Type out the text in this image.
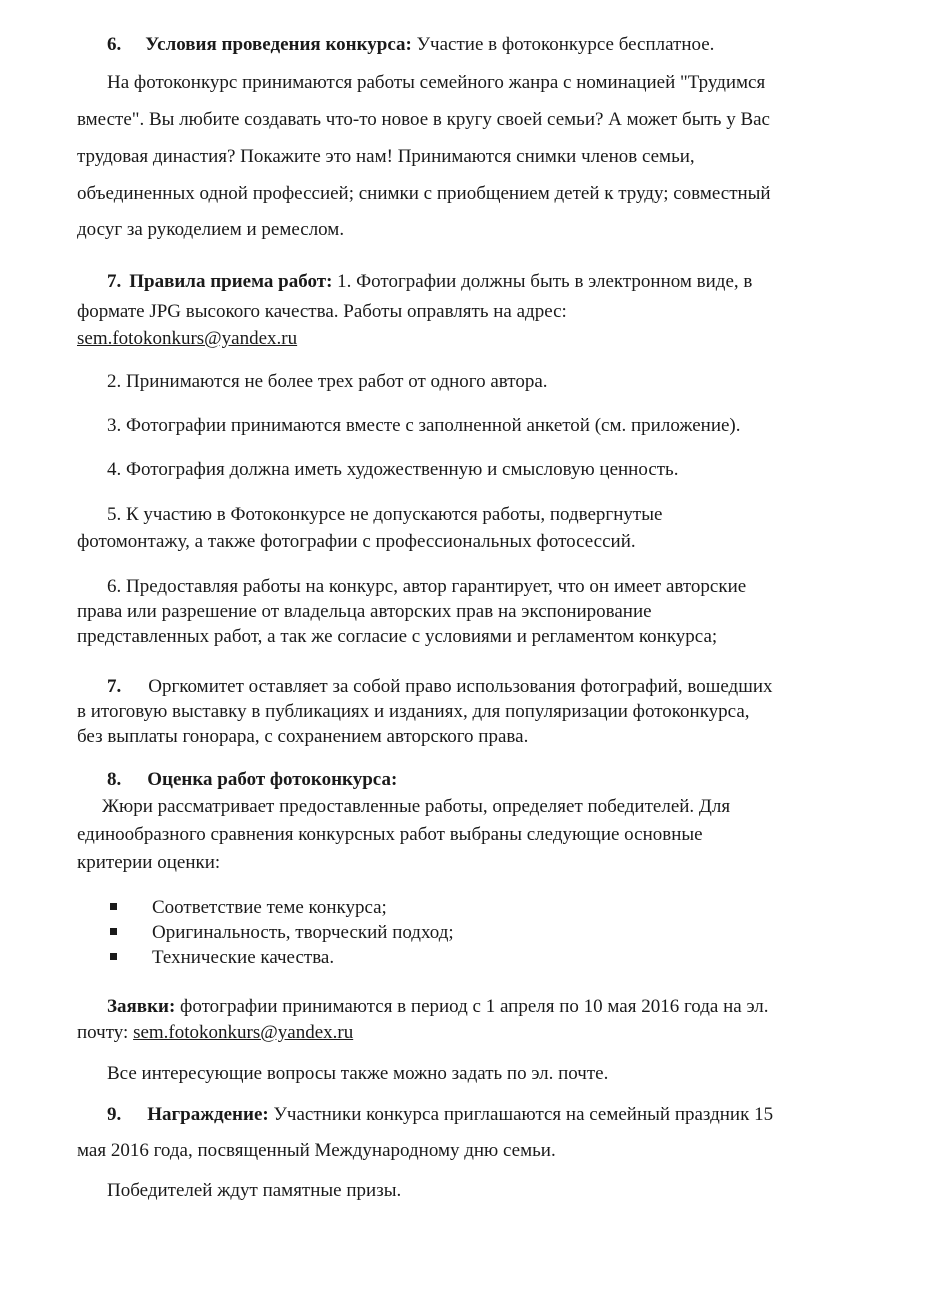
6. Условия проведения конкурса: Участие в фотоконкурсе бесплатное.
На фотоконкурс принимаются работы семейного жанра с номинацией "Трудимся
вместе". Вы любите создавать что-то новое в кругу своей семьи? А может быть у Вас
трудовая династия? Покажите это нам! Принимаются снимки членов семьи,
объединенных одной профессией; снимки с приобщением детей к труду; совместный
досуг за рукоделием и ремеслом.
7. Правила приема работ: 1. Фотографии должны быть в электронном виде, в
формате JPG высокого качества. Работы оправлять на адрес:
sem.fotokonkurs@yandex.ru
2. Принимаются не более трех работ от одного автора.
3. Фотографии принимаются вместе с заполненной анкетой (см. приложение).
4. Фотография должна иметь художественную и смысловую ценность.
5. К участию в Фотоконкурсе не допускаются работы, подвергнутые
фотомонтажу, а также фотографии с профессиональных фотосессий.
6. Предоставляя работы на конкурс, автор гарантирует, что он имеет авторские
права или разрешение от владельца авторских прав на экспонирование
представленных работ, а так же согласие с условиями и регламентом конкурса;
7. Оргкомитет оставляет за собой право использования фотографий, вошедших
в итоговую выставку в публикациях и изданиях, для популяризации фотоконкурса,
без выплаты гонорара, с сохранением авторского права.
8. Оценка работ фотоконкурса:
Жюри рассматривает предоставленные работы, определяет победителей. Для
единообразного сравнения конкурсных работ выбраны следующие основные
критерии оценки:
Соответствие теме конкурса;
Оригинальность, творческий подход;
Технические качества.
Заявки: фотографии принимаются в период с 1 апреля по 10 мая 2016 года на эл.
почту: sem.fotokonkurs@yandex.ru
Все интересующие вопросы также можно задать по эл. почте.
9. Награждение: Участники конкурса приглашаются на семейный праздник 15
мая 2016 года, посвященный Международному дню семьи.
Победителей ждут памятные призы.
